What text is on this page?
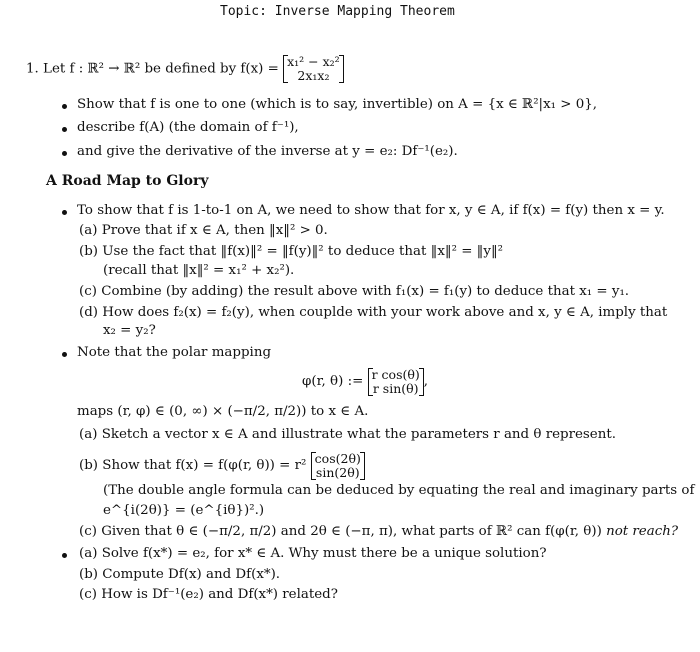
Topic: Inverse Mapping Theorem
1. Let f : ℝ² → ℝ² be defined by f(x) = x₁² − x₂²
2x₁x₂
Show that f is one to one (which is to say, invertible) on A = {x ∈ ℝ²|x₁ > 0},
describe f(A) (the domain of f⁻¹),
and give the derivative of the inverse at y = e₂: Df⁻¹(e₂).
A Road Map to Glory
To show that f is 1-to-1 on A, we need to show that for x, y ∈ A, if f(x) = f(y) then x = y.
(a) Prove that if x ∈ A, then ‖x‖² > 0.
(b) Use the fact that ‖f(x)‖² = ‖f(y)‖² to deduce that ‖x‖² = ‖y‖²
(recall that ‖x‖² = x₁² + x₂²).
(c) Combine (by adding) the result above with f₁(x) = f₁(y) to deduce that x₁ = y₁.
(d) How does f₂(x) = f₂(y), when couplde with your work above and x, y ∈ A, imply that
x₂ = y₂?
Note that the polar mapping
φ(r, θ) := r cos(θ)
r sin(θ) ,
maps (r, φ) ∈ (0, ∞) × (−π/2, π/2)) to x ∈ A.
(a) Sketch a vector x ∈ A and illustrate what the parameters r and θ represent.
(b) Show that f(x) = f(φ(r, θ)) = r² cos(2θ)
sin(2θ)
(The double angle formula can be deduced by equating the real and imaginary parts of
e^{i(2θ)} = (e^{iθ})².)
(c) Given that θ ∈ (−π/2, π/2) and 2θ ∈ (−π, π), what parts of ℝ² can f(φ(r, θ)) not reach?
(a) Solve f(x*) = e₂, for x* ∈ A. Why must there be a unique solution?
(b) Compute Df(x) and Df(x*).
(c) How is Df⁻¹(e₂) and Df(x*) related?
